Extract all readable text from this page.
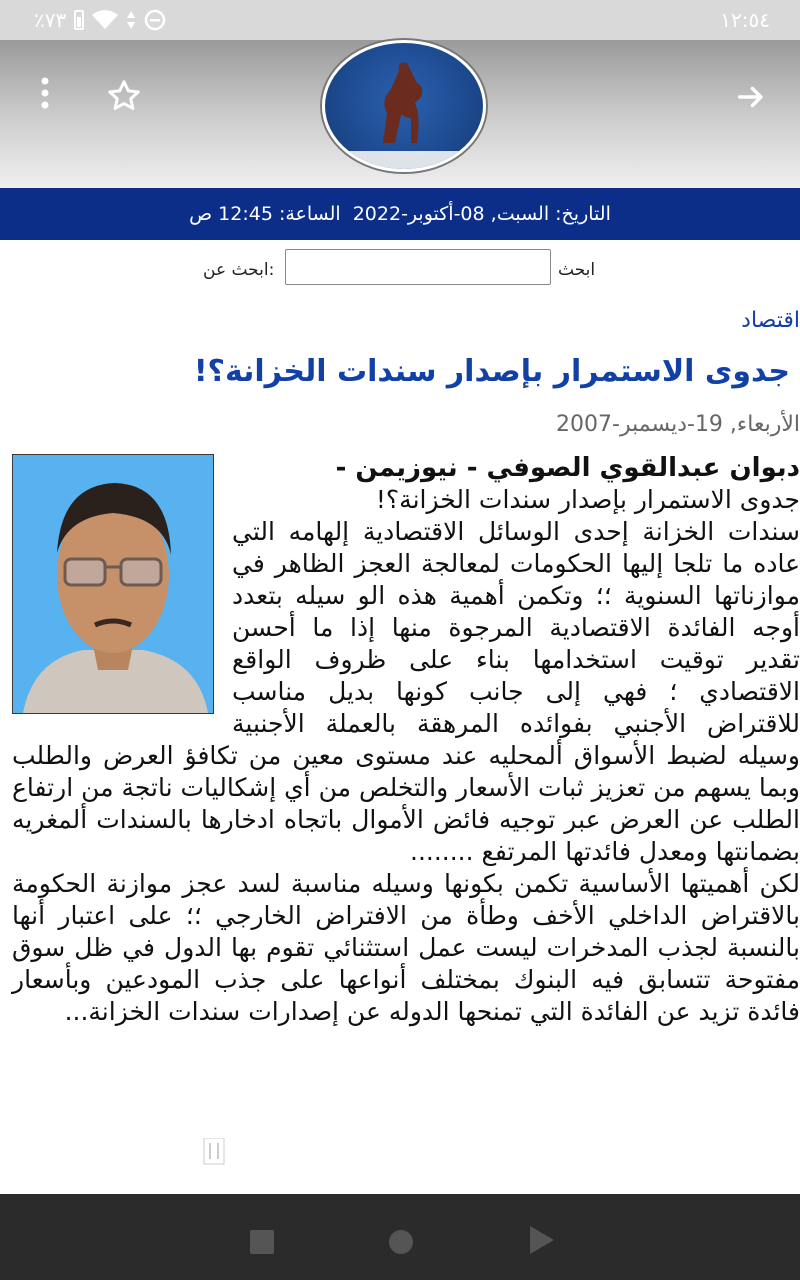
٪٧٣	١٢:٥٤
الساعة: 12:45 ص التاريخ: السبت, 08-أكتوبر-2022
ابحث عن:	ابحث
اقتصاد
جدوى الاستمرار بإصدار سندات الخزانة؟!
الأربعاء, 19-ديسمبر-2007
دبوان عبدالقوي الصوفي - نيوزيمن -

جدوى الاستمرار بإصدار سندات الخزانة؟!

سندات الخزانة إحدى الوسائل الاقتصادية إلهامه التي عاده ما تلجا إليها الحكومات لمعالجة العجز الظاهر في موازناتها السنوية ؛؛ وتكمن أهمية هذه الو سيله بتعدد أوجه الفائدة الاقتصادية المرجوة منها إذا ما أحسن تقدير توقيت استخدامها بناء على ظروف الواقع الاقتصادي ؛ فهي إلى جانب كونها بديل مناسب للاقتراض الأجنبي بفوائده المرهقة بالعملة الأجنبية وسيله لضبط الأسواق ألمحليه عند مستوى معين من تكافؤ العرض والطلب وبما يسهم من تعزيز ثبات الأسعار والتخلص من أي إشكاليات ناتجة من ارتفاع الطلب عن العرض عبر توجيه فائض الأموال باتجاه ادخارها بالسندات ألمغريه بضمانتها ومعدل فائدتها المرتفع ........

لكن أهميتها الأساسية تكمن بكونها وسيله مناسبة لسد عجز موازنة الحكومة بالاقتراض الداخلي الأخف وطأة من الافتراض الخارجي ؛؛ على اعتبار أنها بالنسبة لجذب المدخرات ليست عمل استثنائي تقوم بها الدول في ظل سوق مفتوحة تتسابق فيه البنوك بمختلف أنواعها على جذب المودعين وبأسعار فائدة تزيد عن الفائدة التي تمنحها الدوله عن إصدارات سندات الخزانة...
